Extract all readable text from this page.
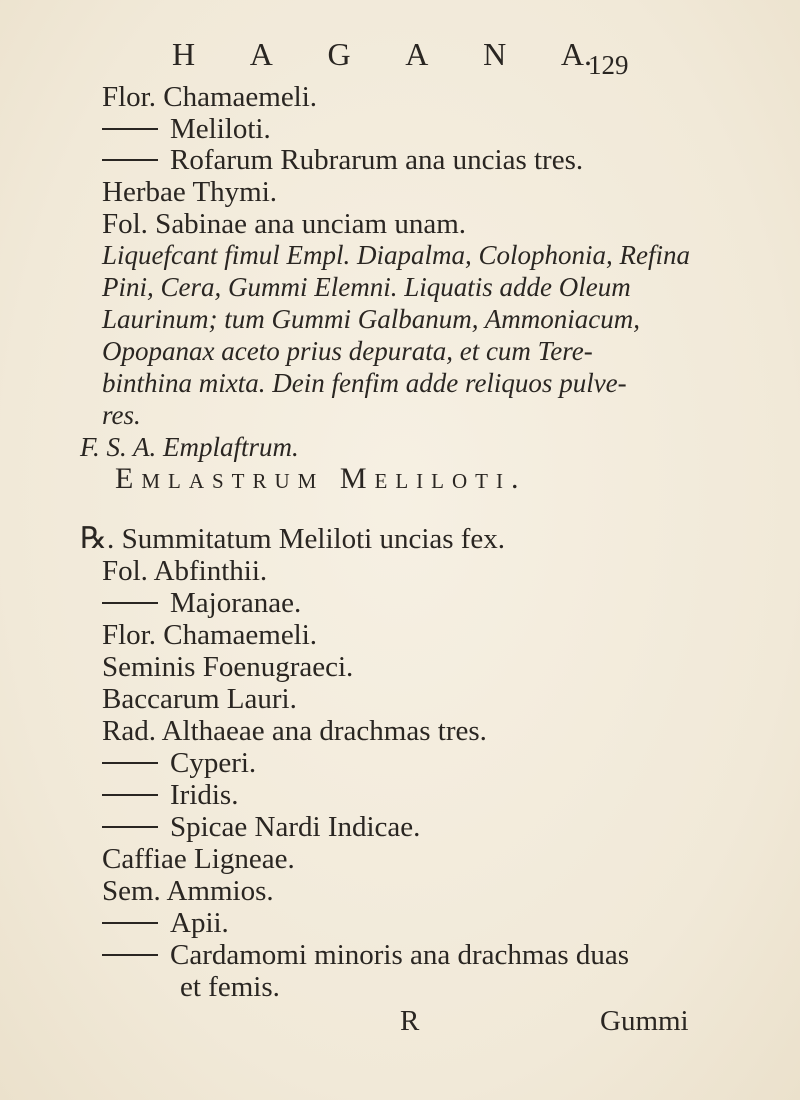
H A G A N A.
129
Flor. Chamaemeli.
Meliloti.
Rofarum Rubrarum ana uncias tres.
Herbae Thymi.
Fol. Sabinae ana unciam unam.
Liquefcant fimul Empl. Diapalma, Colophonia, Refina
Pini, Cera, Gummi Elemni. Liquatis adde Oleum
Laurinum; tum Gummi Galbanum, Ammoniacum,
Opopanax aceto prius depurata, et cum Tere-
binthina mixta. Dein fenfim adde reliquos pulve-
res.
F. S. A. Emplaftrum.
Emlastrum Meliloti.
℞. Summitatum Meliloti uncias fex.
Fol. Abfinthii.
Majoranae.
Flor. Chamaemeli.
Seminis Foenugraeci.
Baccarum Lauri.
Rad. Althaeae ana drachmas tres.
Cyperi.
Iridis.
Spicae Nardi Indicae.
Caffiae Ligneae.
Sem. Ammios.
Apii.
Cardamomi minoris ana drachmas duas
et femis.
R	Gummi
